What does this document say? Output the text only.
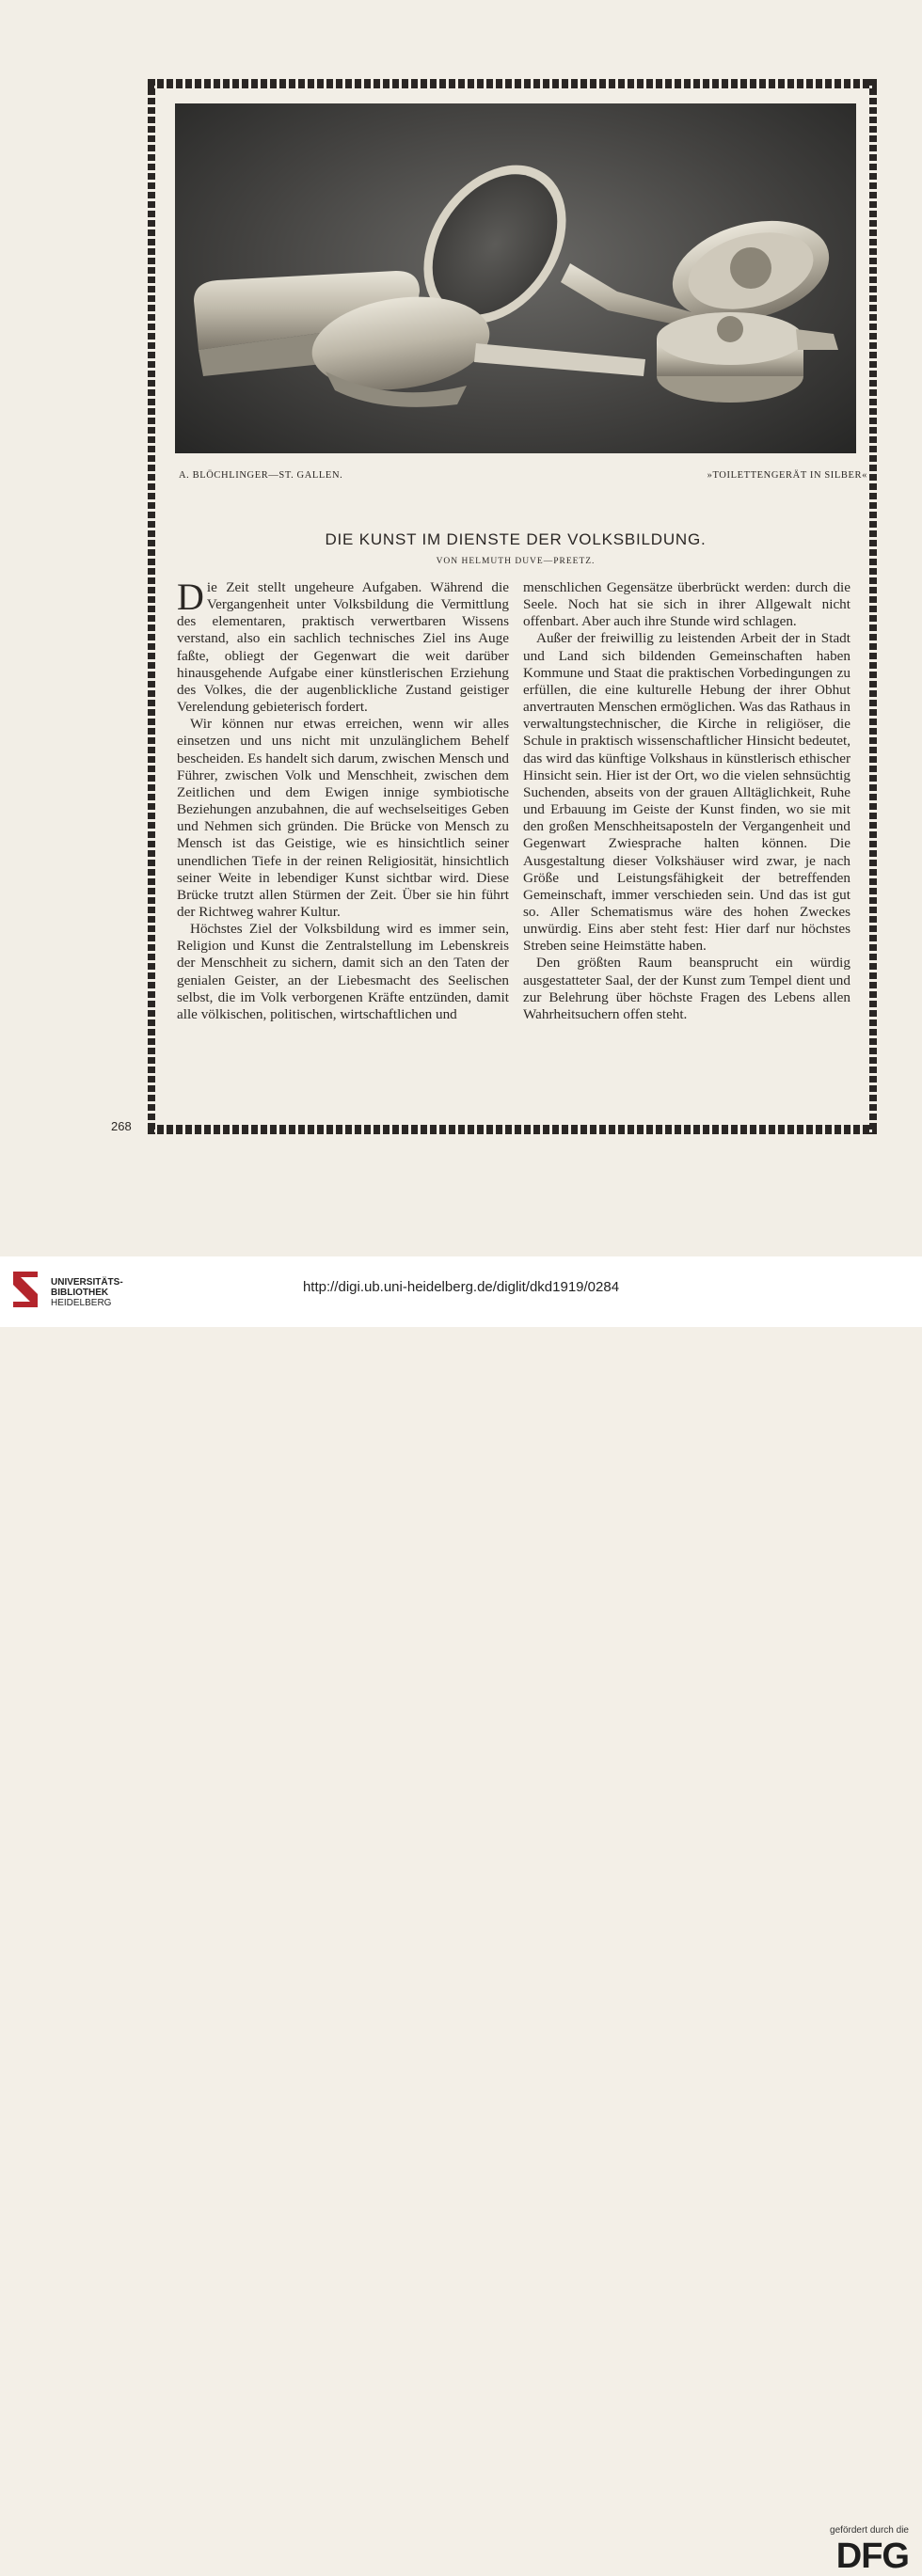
A. BLÖCHLINGER—ST. GALLEN.	»TOILETTENGERÄT IN SILBER«
DIE KUNST IM DIENSTE DER VOLKSBILDUNG.
VON HELMUTH DUVE—PREETZ.

Die Zeit stellt ungeheure Aufgaben. Während die Vergangenheit unter Volksbildung die Vermittlung des elementaren, praktisch verwertbaren Wissens verstand, also ein sachlich technisches Ziel ins Auge faßte, obliegt der Gegenwart die weit darüber hinausgehende Aufgabe einer künstlerischen Erziehung des Volkes, die der augenblickliche Zustand geistiger Verelendung gebieterisch fordert.

Wir können nur etwas erreichen, wenn wir alles einsetzen und uns nicht mit unzulänglichem Behelf bescheiden. Es handelt sich darum, zwischen Mensch und Führer, zwischen Volk und Menschheit, zwischen dem Zeitlichen und dem Ewigen innige symbiotische Beziehungen anzubahnen, die auf wechselseitiges Geben und Nehmen sich gründen. Die Brücke von Mensch zu Mensch ist das Geistige, wie es hinsichtlich seiner unendlichen Tiefe in der reinen Religiosität, hinsichtlich seiner Weite in lebendiger Kunst sichtbar wird. Diese Brücke trutzt allen Stürmen der Zeit. Über sie hin führt der Richtweg wahrer Kultur.

Höchstes Ziel der Volksbildung wird es immer sein, Religion und Kunst die Zentralstellung im Lebenskreis der Menschheit zu sichern, damit sich an den Taten der genialen Geister, an der Liebesmacht des Seelischen selbst, die im Volk verborgenen Kräfte entzünden, damit alle völkischen, politischen, wirtschaftlichen und

menschlichen Gegensätze überbrückt werden: durch die Seele. Noch hat sie sich in ihrer Allgewalt nicht offenbart. Aber auch ihre Stunde wird schlagen.

Außer der freiwillig zu leistenden Arbeit der in Stadt und Land sich bildenden Gemeinschaften haben Kommune und Staat die praktischen Vorbedingungen zu erfüllen, die eine kulturelle Hebung der ihrer Obhut anvertrauten Menschen ermöglichen. Was das Rathaus in verwaltungstechnischer, die Kirche in religiöser, die Schule in praktisch wissenschaftlicher Hinsicht bedeutet, das wird das künftige Volkshaus in künstlerisch ethischer Hinsicht sein. Hier ist der Ort, wo die vielen sehnsüchtig Suchenden, abseits von der grauen Alltäglichkeit, Ruhe und Erbauung im Geiste der Kunst finden, wo sie mit den großen Menschheitsaposteln der Vergangenheit und Gegenwart Zwiesprache halten können. Die Ausgestaltung dieser Volkshäuser wird zwar, je nach Größe und Leistungsfähigkeit der betreffenden Gemeinschaft, immer verschieden sein. Und das ist gut so. Aller Schematismus wäre des hohen Zweckes unwürdig. Eins aber steht fest: Hier darf nur höchstes Streben seine Heimstätte haben.

Den größten Raum beansprucht ein würdig ausgestatteter Saal, der der Kunst zum Tempel dient und zur Belehrung über höchste Fragen des Lebens allen Wahrheitsuchern offen steht.

268
UNIVERSITÄTS-
BIBLIOTHEK
HEIDELBERG
gefördert durch die
DFG
http://digi.ub.uni-heidelberg.de/diglit/dkd1919/0284
